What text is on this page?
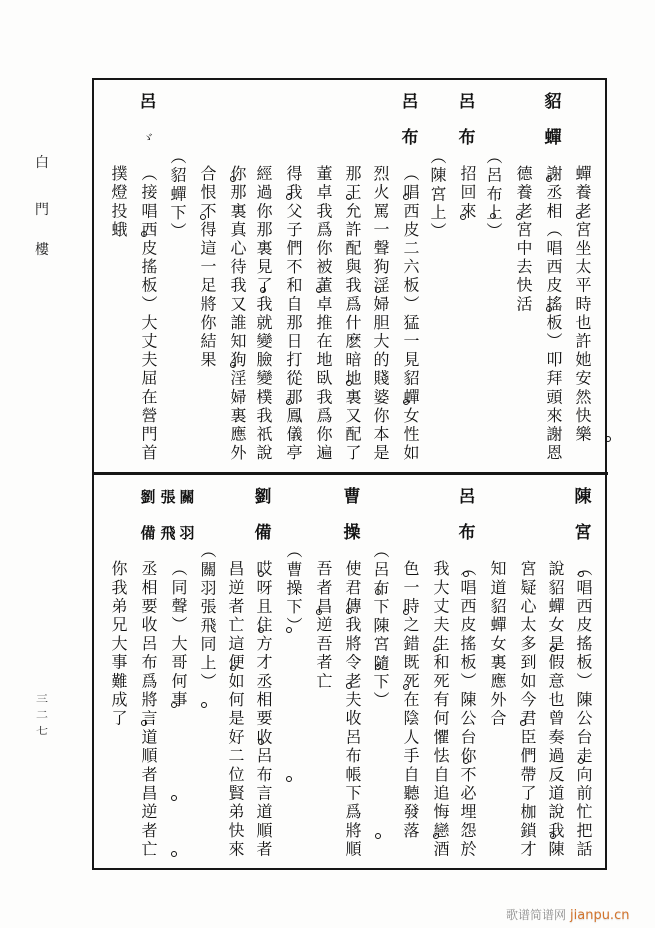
白
門
樓
三
二
七
貂
蟬
呂
布
呂
布
呂
ゞ
蟬養老宮坐太平時也許她安然快樂
謝丞相（唱西皮搖板）叩拜頭來謝恩
德養老宮中去快活
（呂布上）
招回來
（陳宮上）
（唱西皮二六板）猛一見貂蟬女性如
烈火罵一聲狗淫婦胆大的賤婆你本是
那王允許配與我爲什麽暗地裏又配了
董卓我爲你被董卓推在地臥我爲你遍
得我父子們不和自那日打從那鳳儀亭
經過你那裏見了我就變臉變樸我祇說
你那裏真心待我又誰知狗淫婦裏應外
合恨不得這一足將你結果
（貂蟬下）
（接唱西皮搖板）大丈夫屈在營門首
撲燈投蛾
陳
宮
呂
布
曹
操
劉
備
關
羽
張
飛
劉
備
（唱西皮搖板）陳公台走向前忙把話
說貂蟬女是假意也曾奏過反道說我陳
宮疑心太多到如今君臣們帶了枷鎖才
知道貂蟬女裏應外合
（唱西皮搖板）陳公台你不必埋怨於
我大丈夫生和死有何懼怯自追悔戀酒
色一時之錯既死在陰人手自聽發落
（呂布下陳宮隨下）
使君傳我將令老夫收呂布帳下爲將順
吾者昌逆吾者亡
（曹操下）
哎呀且住方才丞相要收呂布言道順者
昌逆者亡這便如何是好二位賢弟快來
（關羽張飛同上）
（同聲）大哥何事
丞相要收呂布爲將言道順者昌逆者亡
你我弟兄大事難成了
歌谱简谱网 jianpu.cn
